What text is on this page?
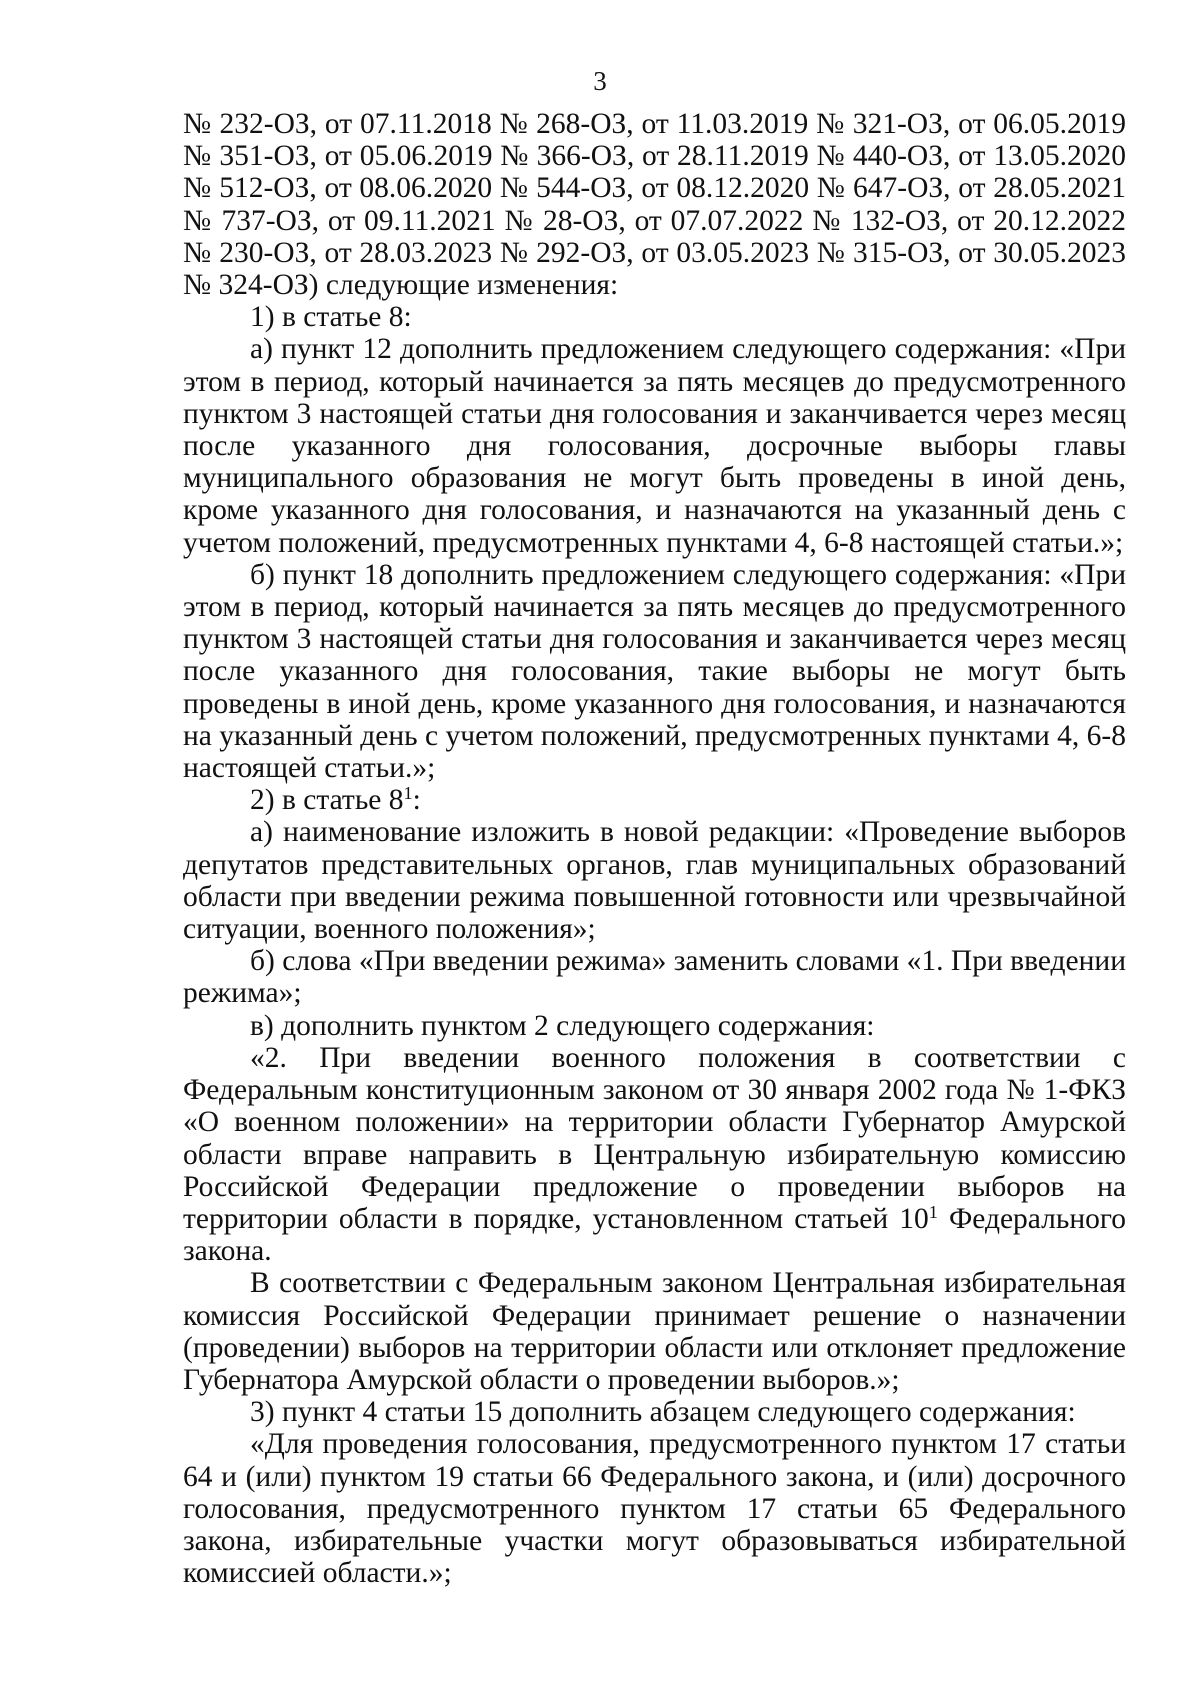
3

№ 232-ОЗ, от 07.11.2018 № 268-ОЗ, от 11.03.2019 № 321-ОЗ, от 06.05.2019

№ 351-ОЗ, от 05.06.2019 № 366-ОЗ, от 28.11.2019 № 440-ОЗ, от 13.05.2020

№ 512-ОЗ, от 08.06.2020 № 544-ОЗ, от 08.12.2020 № 647-ОЗ, от 28.05.2021

№ 737-ОЗ, от 09.11.2021 № 28-ОЗ, от 07.07.2022 № 132-ОЗ, от 20.12.2022

№ 230-ОЗ, от 28.03.2023 № 292-ОЗ, от 03.05.2023 № 315-ОЗ, от 30.05.2023

№ 324-ОЗ) следующие изменения:

1) в статье 8:

а) пункт 12 дополнить предложением следующего содержания: «При этом в период, который начинается за пять месяцев до предусмотренного пунктом 3 настоящей статьи дня голосования и заканчивается через месяц после указанного дня голосования, досрочные выборы главы муниципального образования не могут быть проведены в иной день, кроме указанного дня голосования, и назначаются на указанный день с учетом положений, предусмотренных пунктами 4, 6-8 настоящей статьи.»;

б) пункт 18 дополнить предложением следующего содержания: «При этом в период, который начинается за пять месяцев до предусмотренного пунктом 3 настоящей статьи дня голосования и заканчивается через месяц после указанного дня голосования, такие выборы не могут быть проведены в иной день, кроме указанного дня голосования, и назначаются на указанный день с учетом положений, предусмотренных пунктами 4, 6-8 настоящей статьи.»;

2) в статье $8^1$:

а) наименование изложить в новой редакции: «Проведение выборов депутатов представительных органов, глав муниципальных образований области при введении режима повышенной готовности или чрезвычайной ситуации, военного положения»;

б) слова «При введении режима» заменить словами «1. При введении режима»;

в) дополнить пунктом 2 следующего содержания:

«2. При введении военного положения в соответствии с Федеральным конституционным законом от 30 января 2002 года № 1-ФКЗ «О военном положении» на территории области Губернатор Амурской области вправе направить в Центральную избирательную комиссию Российской Федерации предложение о проведении выборов на территории области в порядке, установленном статьей $10^1$ Федерального закона.

В соответствии с Федеральным законом Центральная избирательная комиссия Российской Федерации принимает решение о назначении (проведении) выборов на территории области или отклоняет предложение Губернатора Амурской области о проведении выборов.»;

3) пункт 4 статьи 15 дополнить абзацем следующего содержания:

«Для проведения голосования, предусмотренного пунктом 17 статьи 64 и (или) пунктом 19 статьи 66 Федерального закона, и (или) досрочного голосования, предусмотренного пунктом 17 статьи 65 Федерального закона, избирательные участки могут образовываться избирательной комиссией области.»;
